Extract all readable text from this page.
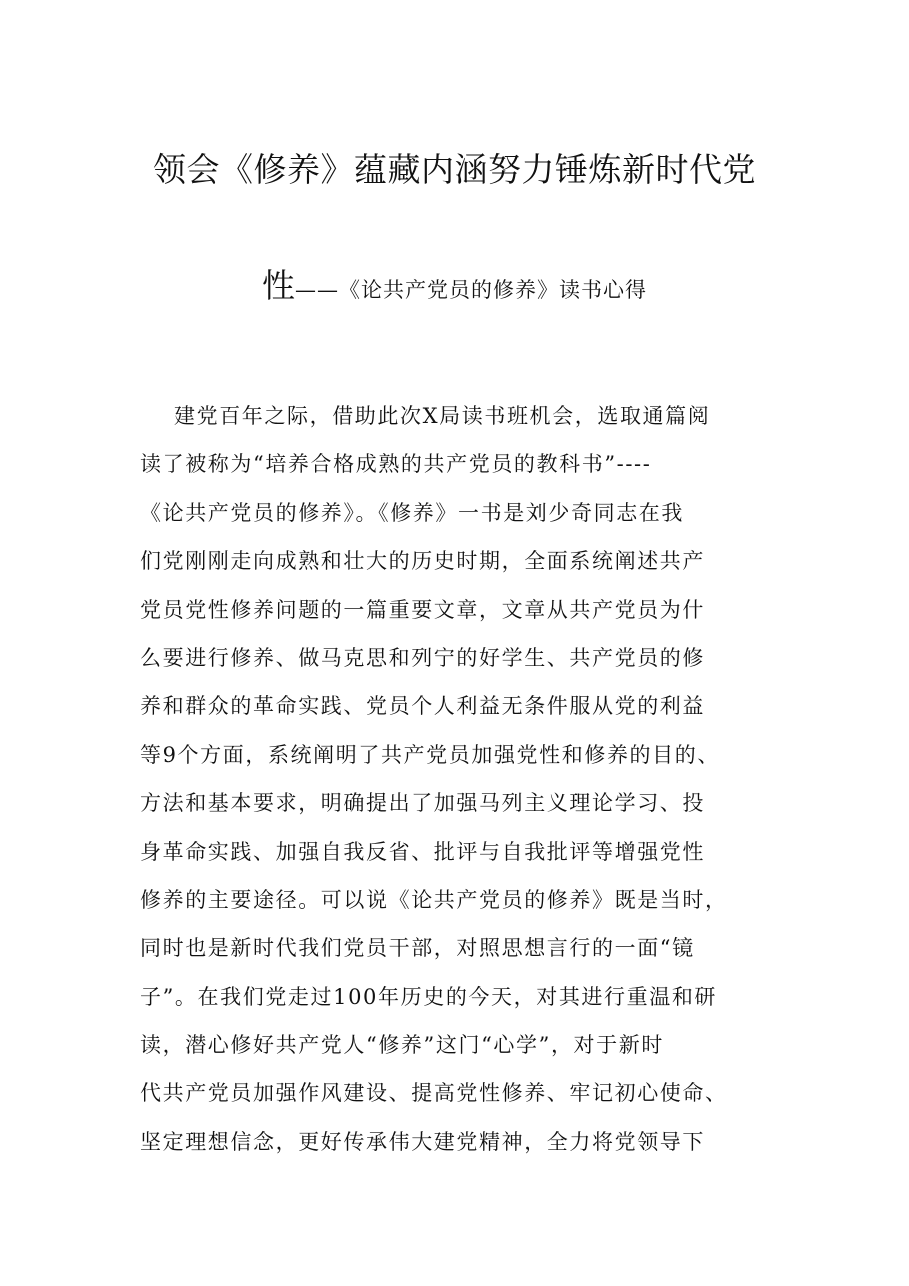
领会《修养》蕴藏内涵努力锤炼新时代党
性——《论共产党员的修养》读书心得
建党百年之际，借助此次X局读书班机会，选取通篇阅
读了被称为“培养合格成熟的共产党员的教科书”----
《论共产党员的修养》。《修养》一书是刘少奇同志在我
们党刚刚走向成熟和壮大的历史时期，全面系统阐述共产
党员党性修养问题的一篇重要文章，文章从共产党员为什
么要进行修养、做马克思和列宁的好学生、共产党员的修
养和群众的革命实践、党员个人利益无条件服从党的利益
等9个方面，系统阐明了共产党员加强党性和修养的目的、
方法和基本要求，明确提出了加强马列主义理论学习、投
身革命实践、加强自我反省、批评与自我批评等增强党性
修养的主要途径。可以说《论共产党员的修养》既是当时，
同时也是新时代我们党员干部，对照思想言行的一面“镜
子”。在我们党走过100年历史的今天，对其进行重温和研
读，潜心修好共产党人“修养”这门“心学”，对于新时
代共产党员加强作风建设、提高党性修养、牢记初心使命、
坚定理想信念，更好传承伟大建党精神，全力将党领导下
